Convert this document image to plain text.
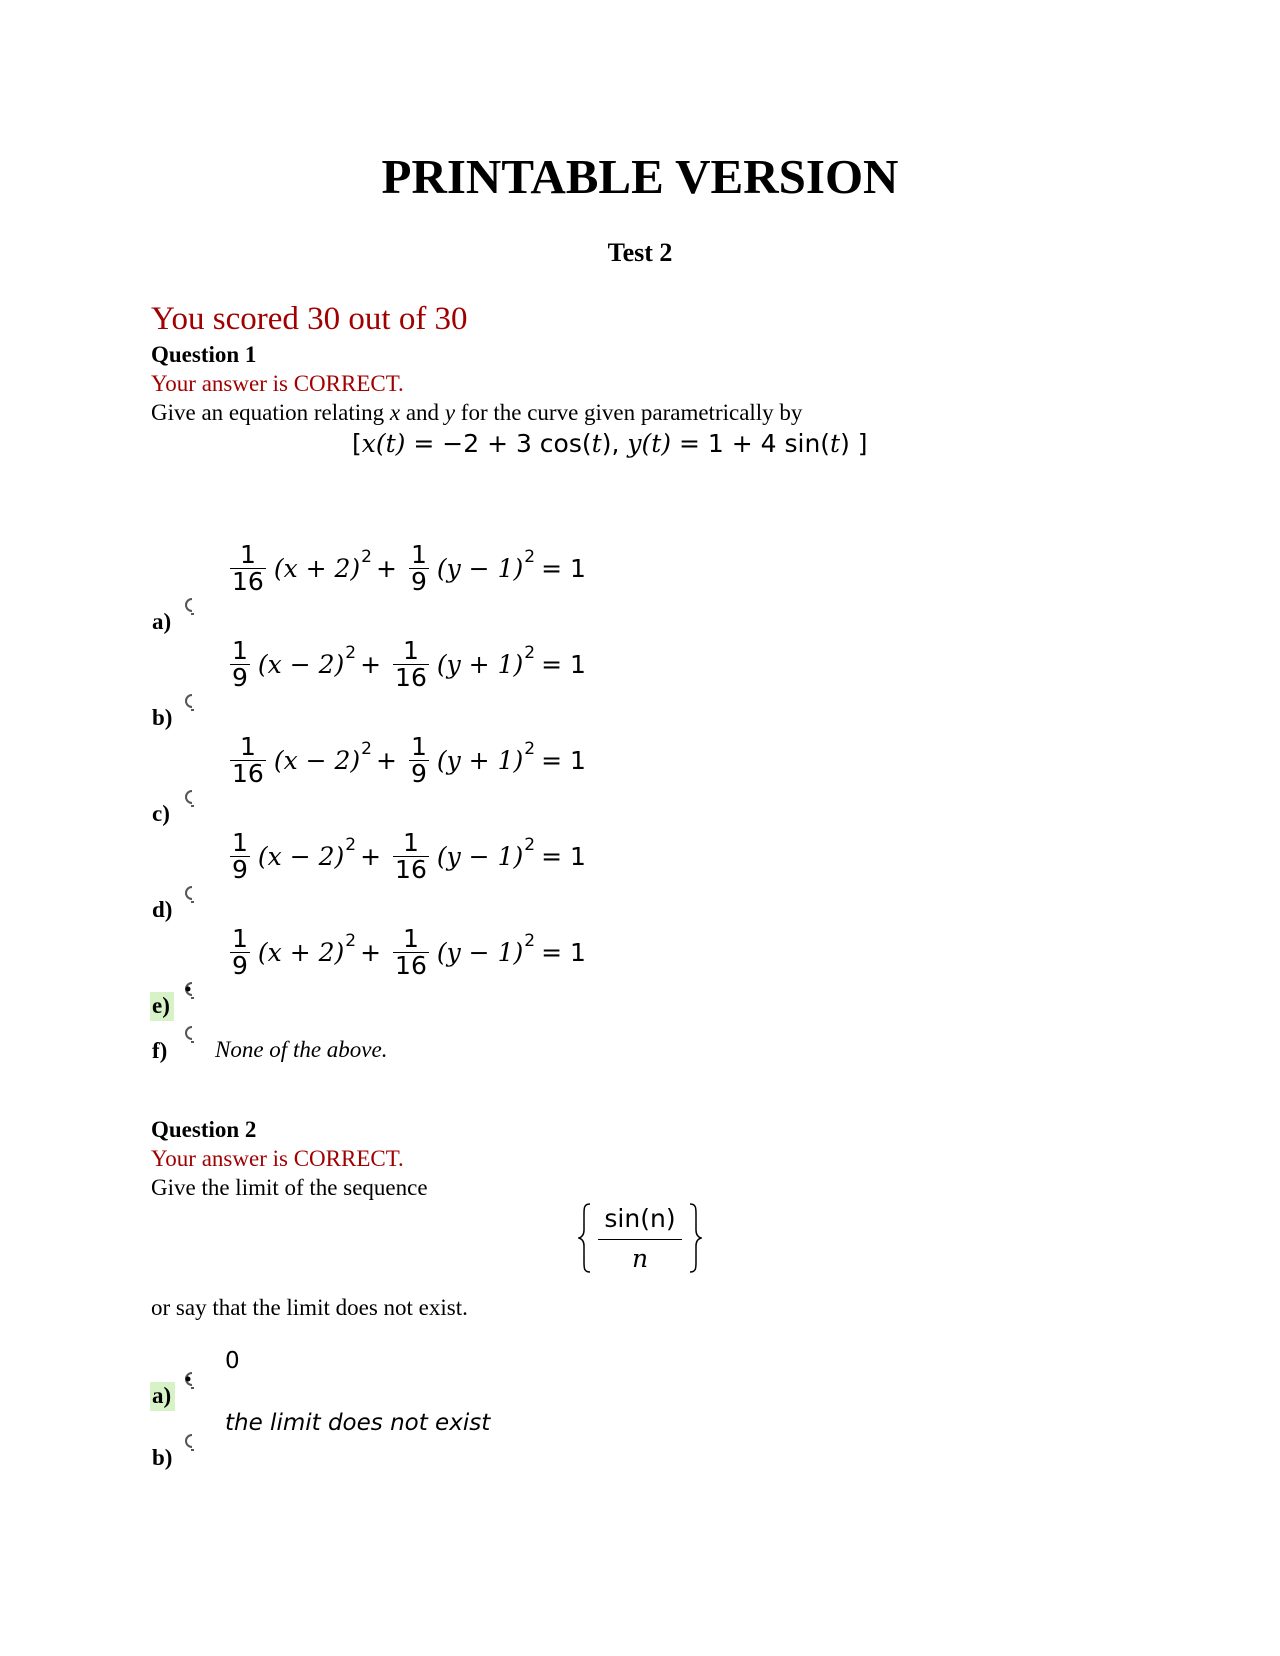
PRINTABLE VERSION
Test 2
You scored 30 out of 30
Question 1
Your answer is CORRECT.
Give an equation relating x and y for the curve given parametrically by
[x(t) = −2 + 3 cos(t), y(t) = 1 + 4 sin(t) ]
$\frac{1}{16} (x + 2) 2 + \frac{1}{9} (y - 1) 2 = 1$
a)
$\frac{1}{9} (x - 2) 2 + \frac{1}{16} (y + 1) 2 = 1$
b)
$\frac{1}{16} (x - 2) 2 + \frac{1}{9} (y + 1) 2 = 1$
c)
$\frac{1}{9} (x - 2) 2 + \frac{1}{16} (y - 1) 2 = 1$
d)
$\frac{1}{9} (x + 2) 2 + \frac{1}{16} (y - 1) 2 = 1$
e)
f) None of the above.
Question 2
Your answer is CORRECT.
Give the limit of the sequence
sin(n)
n
or say that the limit does not exist.
0
a)
the limit does not exist
b)
